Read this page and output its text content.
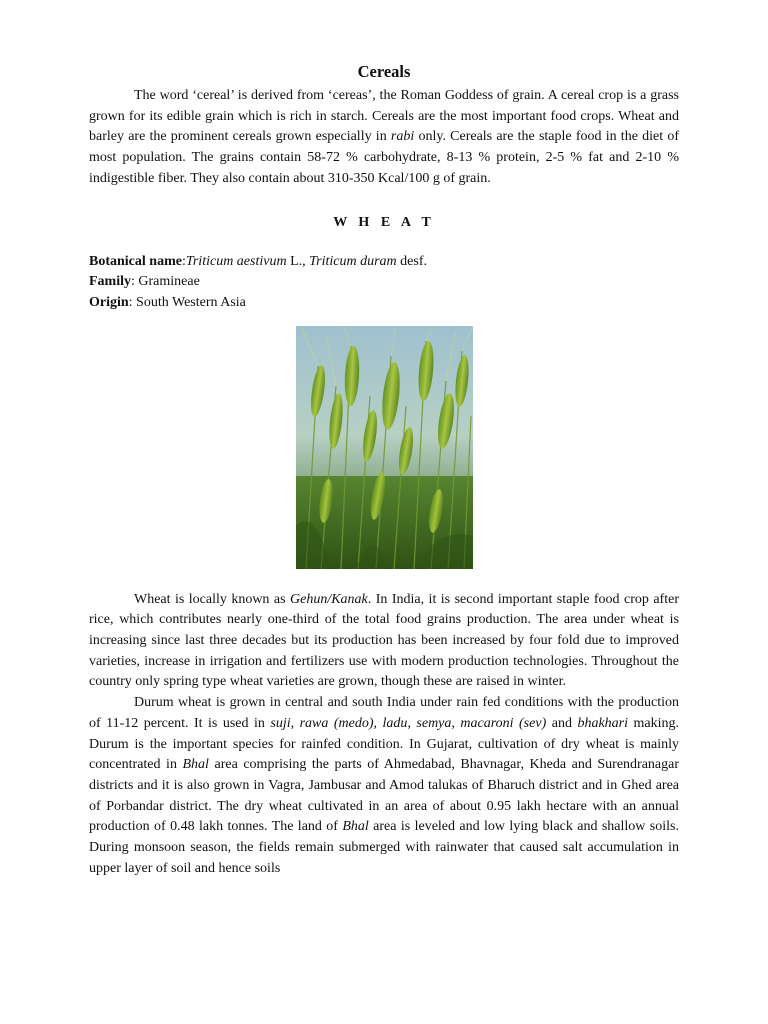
Cereals

The word ‘cereal’ is derived from ‘cereas’, the Roman Goddess of grain. A cereal crop is a grass grown for its edible grain which is rich in starch. Cereals are the most important food crops. Wheat and barley are the prominent cereals grown especially in rabi only. Cereals are the staple food in the diet of most population. The grains contain 58-72 % carbohydrate, 8-13 % protein, 2-5 % fat and 2-10 % indigestible fiber. They also contain about 310-350 Kcal/100 g of grain.

W H E A T
Botanical name:Triticum aestivum L., Triticum duram desf.
Family: Gramineae
Origin: South Western Asia

Wheat is locally known as Gehun/Kanak. In India, it is second important staple food crop after rice, which contributes nearly one-third of the total food grains production. The area under wheat is increasing since last three decades but its production has been increased by four fold due to improved varieties, increase in irrigation and fertilizers use with modern production technologies. Throughout the country only spring type wheat varieties are grown, though these are raised in winter.

Durum wheat is grown in central and south India under rain fed conditions with the production of 11-12 percent. It is used in suji, rawa (medo), ladu, semya, macaroni (sev) and bhakhari making. Durum is the important species for rainfed condition. In Gujarat, cultivation of dry wheat is mainly concentrated in Bhal area comprising the parts of Ahmedabad, Bhavnagar, Kheda and Surendranagar districts and it is also grown in Vagra, Jambusar and Amod talukas of Bharuch district and in Ghed area of Porbandar district. The dry wheat cultivated in an area of about 0.95 lakh hectare with an annual production of 0.48 lakh tonnes. The land of Bhal area is leveled and low lying black and shallow soils. During monsoon season, the fields remain submerged with rainwater that caused salt accumulation in upper layer of soil and hence soils
